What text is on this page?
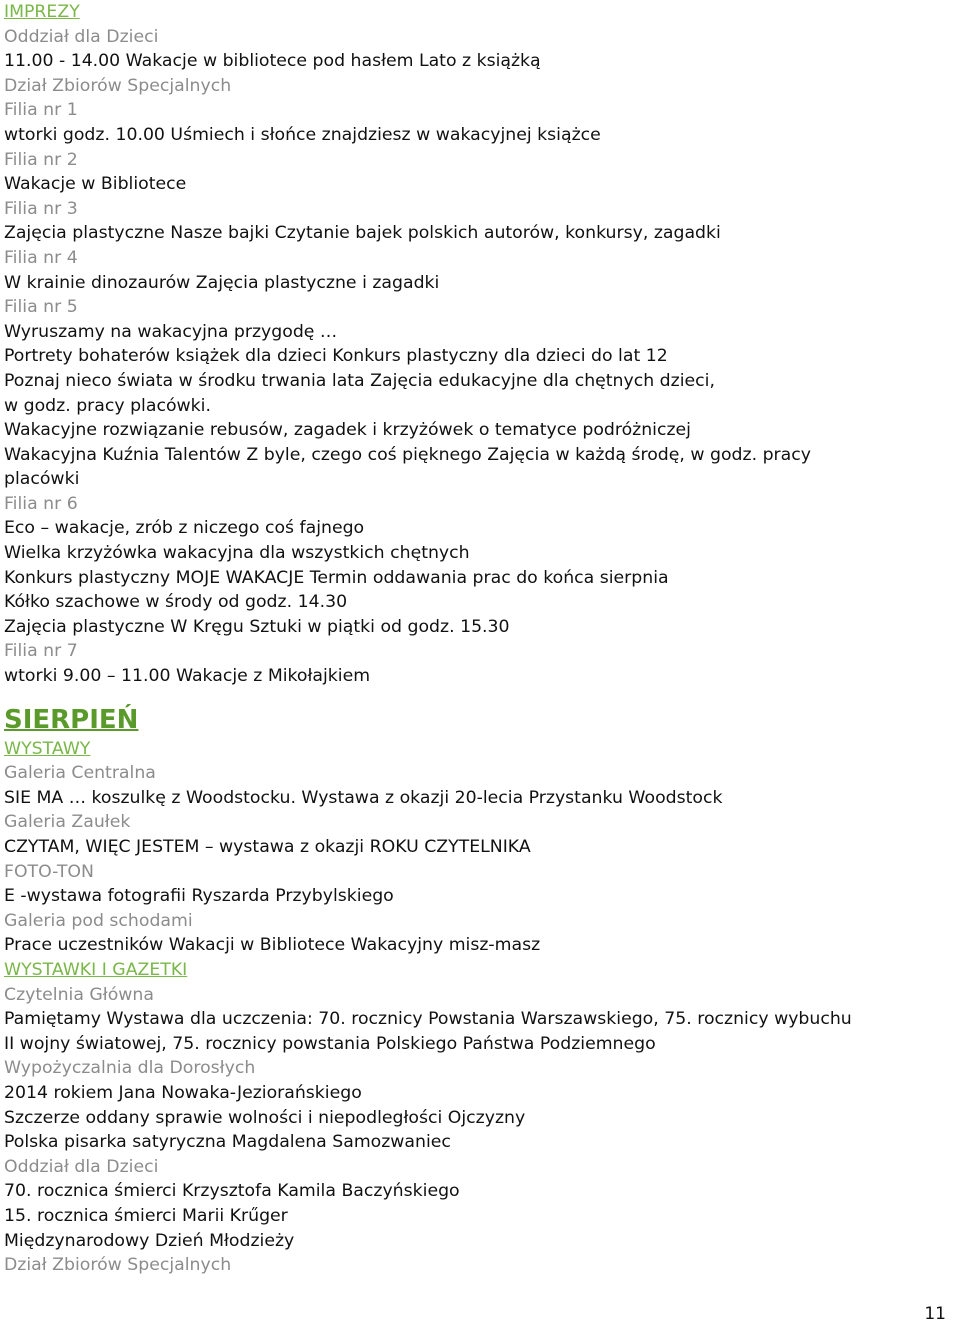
IMPREZY
Oddział dla Dzieci
11.00 - 14.00 Wakacje w bibliotece pod hasłem Lato z książką
Dział Zbiorów Specjalnych
Filia nr 1
wtorki godz. 10.00 Uśmiech i słońce znajdziesz w wakacyjnej książce
Filia nr 2
Wakacje w Bibliotece
Filia nr 3
Zajęcia plastyczne Nasze bajki Czytanie bajek polskich autorów, konkursy, zagadki
Filia nr 4
W krainie dinozaurów Zajęcia plastyczne i zagadki
Filia nr 5
Wyruszamy na wakacyjna przygodę …
Portrety bohaterów książek dla dzieci Konkurs plastyczny dla dzieci do lat 12
Poznaj nieco świata w środku trwania lata Zajęcia edukacyjne dla chętnych dzieci,
w godz. pracy placówki.
Wakacyjne rozwiązanie rebusów, zagadek i krzyżówek o tematyce podróżniczej
Wakacyjna Kuźnia Talentów Z byle, czego coś pięknego Zajęcia w każdą środę, w godz. pracy
placówki
Filia nr 6
Eco – wakacje, zrób z niczego coś fajnego
Wielka krzyżówka wakacyjna dla wszystkich chętnych
Konkurs plastyczny MOJE WAKACJE Termin oddawania prac do końca sierpnia
Kółko szachowe w środy od godz. 14.30
Zajęcia plastyczne W Kręgu Sztuki w piątki od godz. 15.30
Filia nr 7
wtorki 9.00 – 11.00 Wakacje z Mikołajkiem
SIERPIEŃ
WYSTAWY
Galeria Centralna
SIE MA … koszulkę z Woodstocku. Wystawa z okazji 20-lecia Przystanku Woodstock
Galeria Zaułek
CZYTAM, WIĘC JESTEM – wystawa z okazji ROKU CZYTELNIKA
FOTO-TON
E -wystawa fotografii Ryszarda Przybylskiego
Galeria pod schodami
Prace uczestników Wakacji w Bibliotece Wakacyjny misz-masz
WYSTAWKI I GAZETKI
Czytelnia Główna
Pamiętamy Wystawa dla uczczenia: 70. rocznicy Powstania Warszawskiego, 75. rocznicy wybuchu
II wojny światowej, 75. rocznicy powstania Polskiego Państwa Podziemnego
Wypożyczalnia dla Dorosłych
2014 rokiem Jana Nowaka-Jeziorańskiego
Szczerze oddany sprawie wolności i niepodległości Ojczyzny
Polska pisarka satyryczna Magdalena Samozwaniec
Oddział dla Dzieci
70. rocznica śmierci Krzysztofa Kamila Baczyńskiego
15. rocznica śmierci Marii Krűger
Międzynarodowy Dzień Młodzieży
Dział Zbiorów Specjalnych
11
